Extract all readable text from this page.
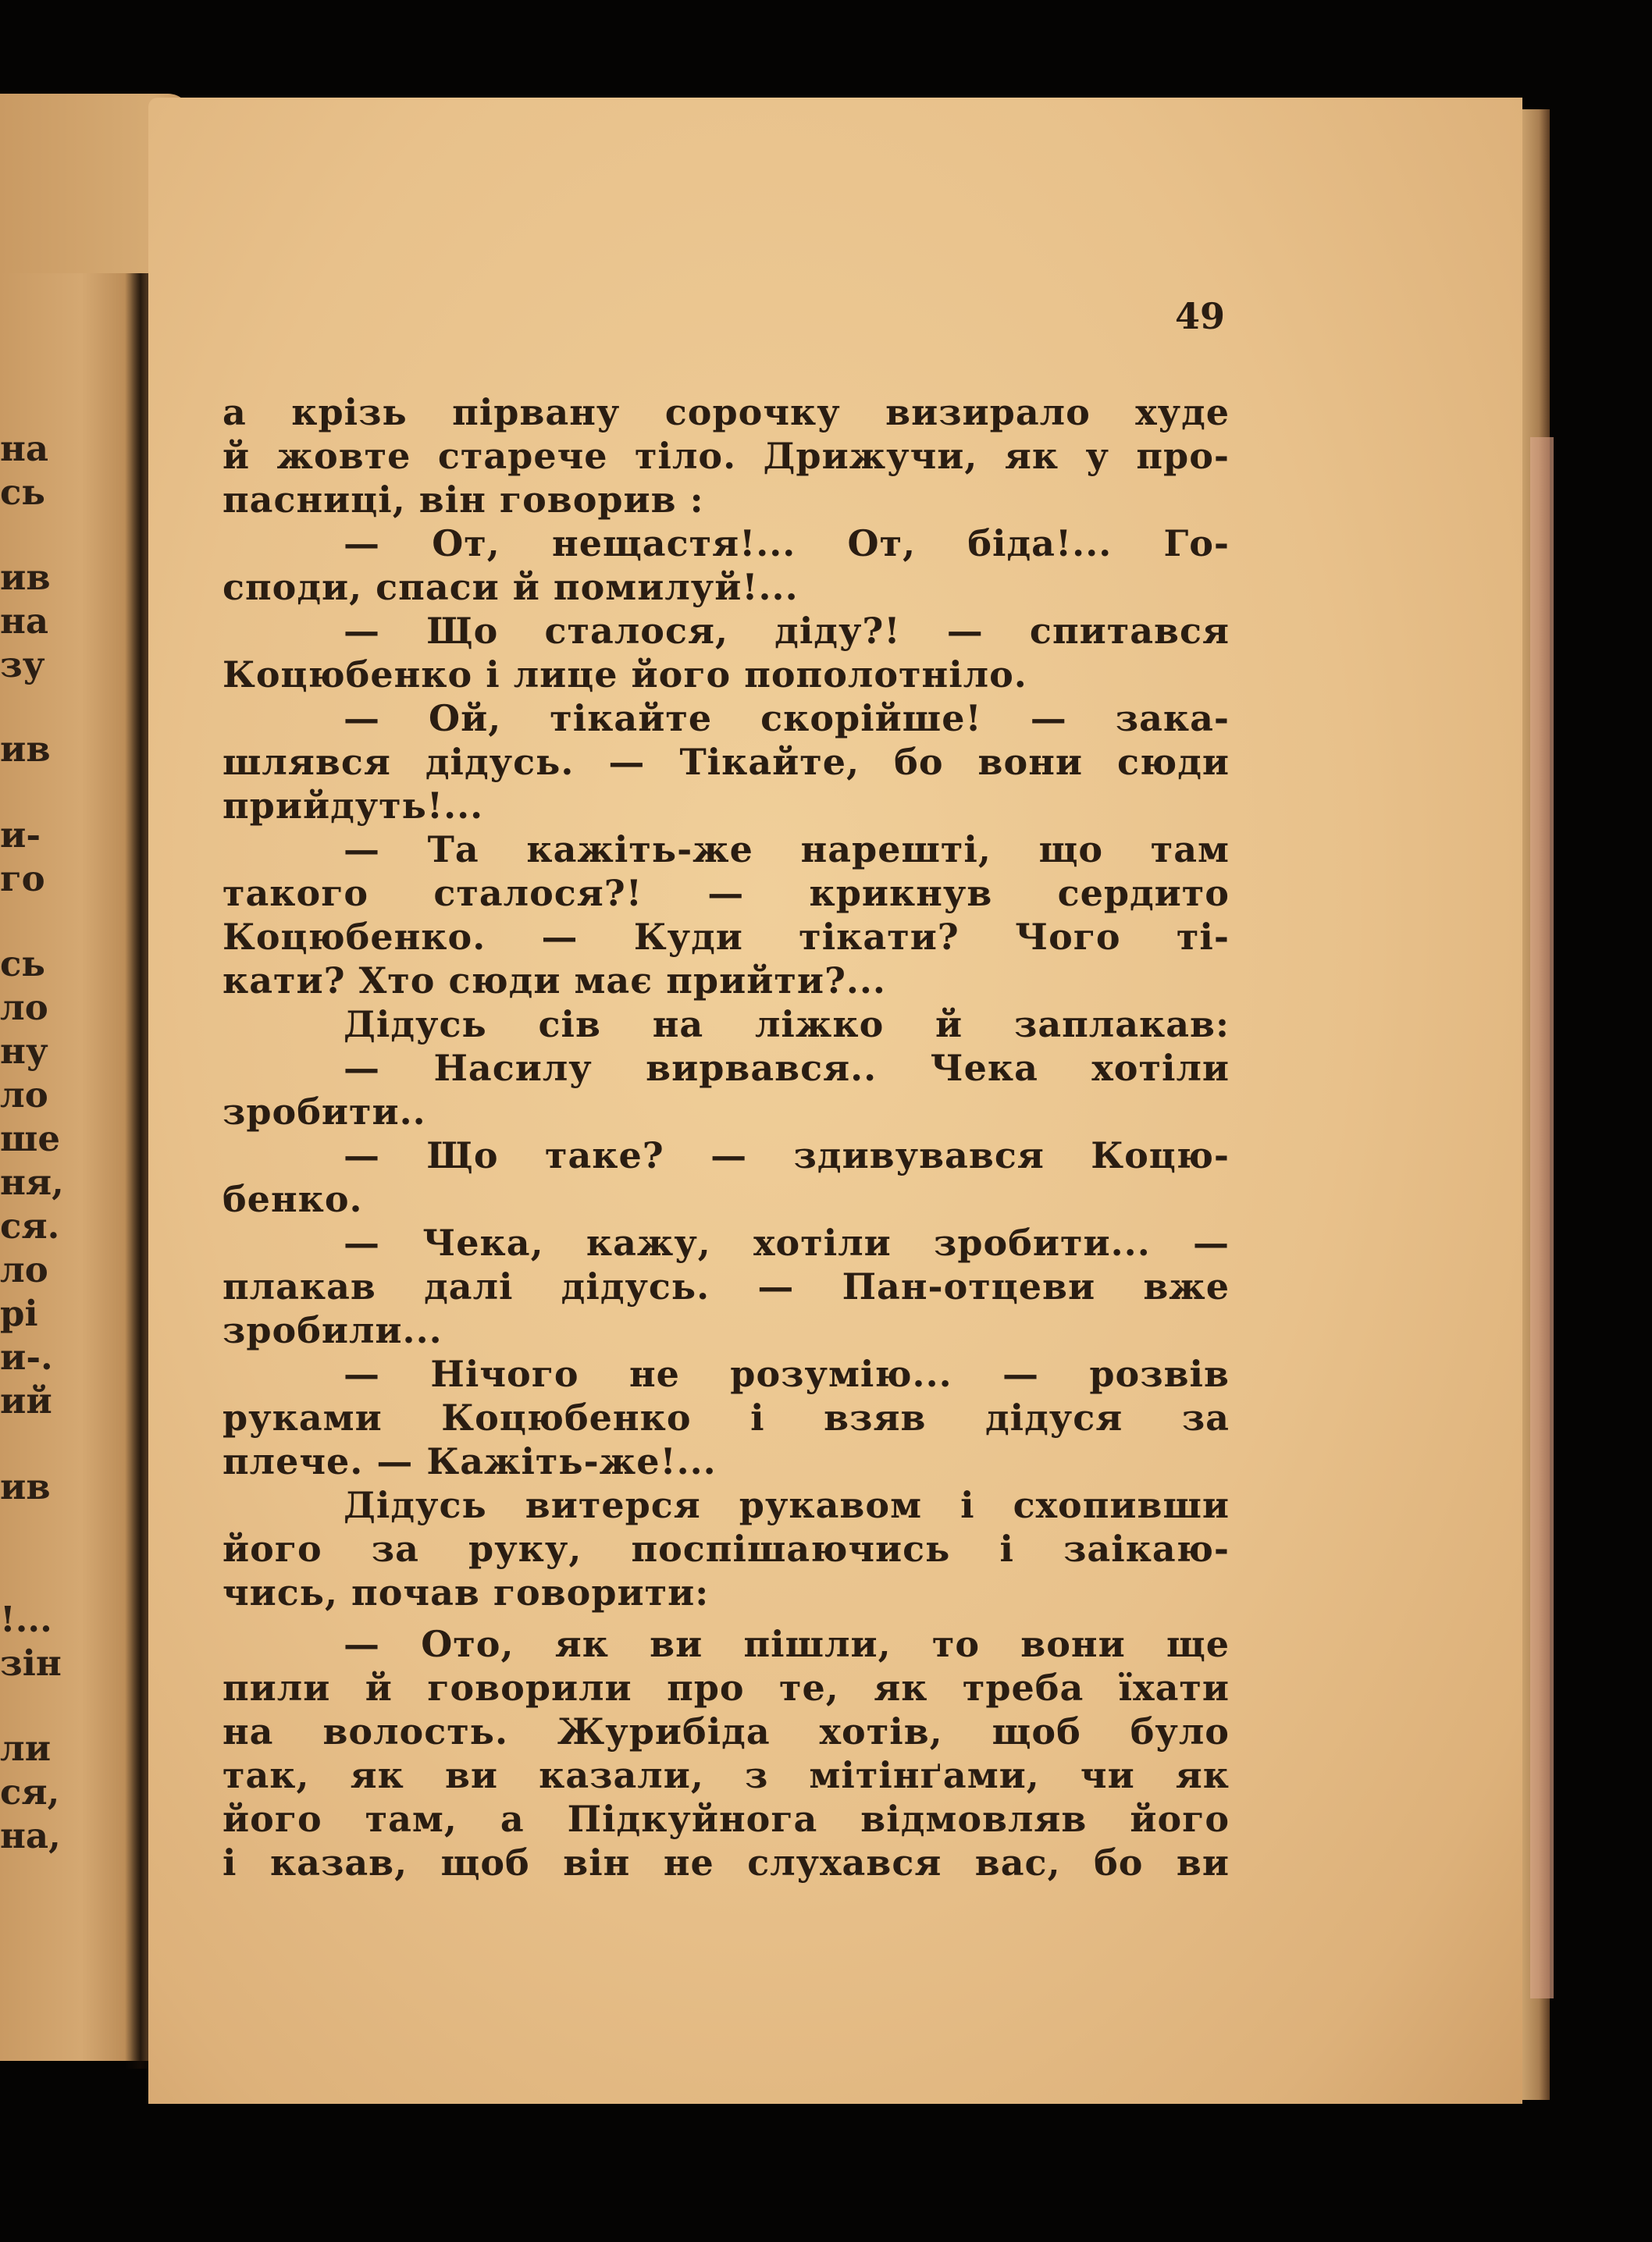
на
сь
ив
на
зу
ив
и-
го
сь
ло
ну
ло
ше
ня,
ся.
ло
рі
и-.
ий
ив
!...
зін
ли
ся,
на,
49
а крізь пірвану сорочку визирало худе
й жовте старече тіло. Дрижучи, як у про-
пасниці, він говорив :
— От, нещастя!... От, біда!... Го-
споди, спаси й помилуй!...
— Що сталося, діду?! — спитався
Коцюбенко і лице його пополотніло.
— Ой, тікайте скорійше! — зака-
шлявся дідусь. — Тікайте, бо вони сюди
прийдуть!...
— Та кажіть-же нарешті, що там
такого сталося?! — крикнув сердито
Коцюбенко. — Куди тікати? Чого ті-
кати? Хто сюди має прийти?...
Дідусь сів на ліжко й заплакав:
— Насилу вирвався.. Чека хотіли
зробити..
— Що таке? — здивувався Коцю-
бенко.
— Чека, кажу, хотіли зробити... —
плакав далі дідусь. — Пан-отцеви вже
зробили...
— Нічого не розумію... — розвів
руками Коцюбенко і взяв дідуся за
плече. — Кажіть-же!...
Дідусь витерся рукавом і схопивши
його за руку, поспішаючись і заікаю-
чись, почав говорити:
— Ото, як ви пішли, то вони ще
пили й говорили про те, як треба їхати
на волость. Журибіда хотів, щоб було
так, як ви казали, з мітінґами, чи як
його там, а Підкуйнога відмовляв його
і казав, щоб він не слухався вас, бо ви
